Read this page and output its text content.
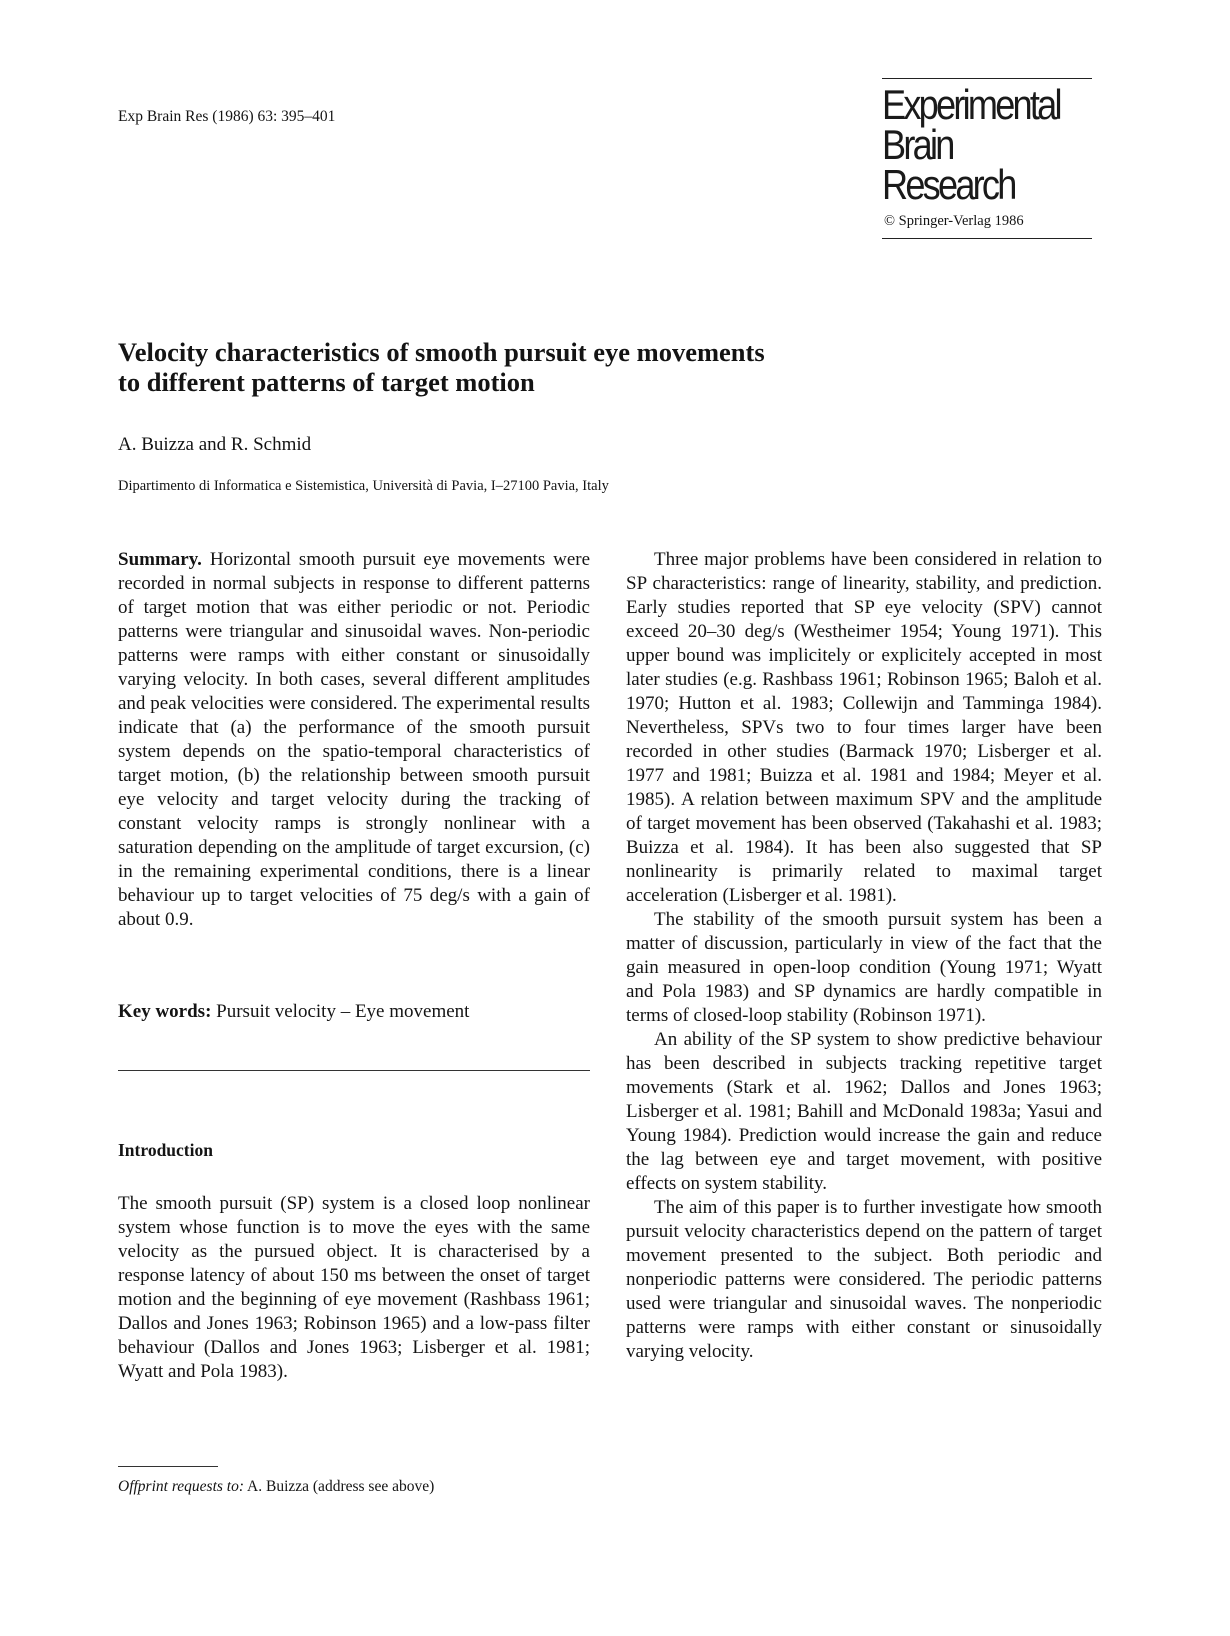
Exp Brain Res (1986) 63: 395–401	Experimental
Brain Research
© Springer-Verlag 1986
Velocity characteristics of smooth pursuit eye movements
to different patterns of target motion
A. Buizza and R. Schmid
Dipartimento di Informatica e Sistemistica, Università di Pavia, I–27100 Pavia, Italy

Summary. Horizontal smooth pursuit eye movements were recorded in normal subjects in response to different patterns of target motion that was either periodic or not. Periodic patterns were triangular and sinusoidal waves. Non-periodic patterns were ramps with either constant or sinusoidally varying velocity. In both cases, several different amplitudes and peak velocities were considered. The experimental results indicate that (a) the performance of the smooth pursuit system depends on the spatio-temporal characteristics of target motion, (b) the relationship between smooth pursuit eye velocity and target velocity during the tracking of constant velocity ramps is strongly nonlinear with a saturation depending on the amplitude of target excursion, (c) in the remaining experimental conditions, there is a linear behaviour up to target velocities of 75 deg/s with a gain of about 0.9.

Key words: Pursuit velocity – Eye movement

Introduction

The smooth pursuit (SP) system is a closed loop nonlinear system whose function is to move the eyes with the same velocity as the pursued object. It is characterised by a response latency of about 150 ms between the onset of target motion and the beginning of eye movement (Rashbass 1961; Dallos and Jones 1963; Robinson 1965) and a low-pass filter behaviour (Dallos and Jones 1963; Lisberger et al. 1981; Wyatt and Pola 1983).

Offprint requests to: A. Buizza (address see above)

Three major problems have been considered in relation to SP characteristics: range of linearity, stability, and prediction. Early studies reported that SP eye velocity (SPV) cannot exceed 20–30 deg/s (Westheimer 1954; Young 1971). This upper bound was implicitely or explicitely accepted in most later studies (e.g. Rashbass 1961; Robinson 1965; Baloh et al. 1970; Hutton et al. 1983; Collewijn and Tamminga 1984). Nevertheless, SPVs two to four times larger have been recorded in other studies (Barmack 1970; Lisberger et al. 1977 and 1981; Buizza et al. 1981 and 1984; Meyer et al. 1985). A relation between maximum SPV and the amplitude of target movement has been observed (Takahashi et al. 1983; Buizza et al. 1984). It has been also suggested that SP nonlinearity is primarily related to maximal target acceleration (Lisberger et al. 1981).

The stability of the smooth pursuit system has been a matter of discussion, particularly in view of the fact that the gain measured in open-loop condition (Young 1971; Wyatt and Pola 1983) and SP dynamics are hardly compatible in terms of closed-loop stability (Robinson 1971).

An ability of the SP system to show predictive behaviour has been described in subjects tracking repetitive target movements (Stark et al. 1962; Dallos and Jones 1963; Lisberger et al. 1981; Bahill and McDonald 1983a; Yasui and Young 1984). Prediction would increase the gain and reduce the lag between eye and target movement, with positive effects on system stability.

The aim of this paper is to further investigate how smooth pursuit velocity characteristics depend on the pattern of target movement presented to the subject. Both periodic and nonperiodic patterns were considered. The periodic patterns used were triangular and sinusoidal waves. The nonperiodic patterns were ramps with either constant or sinusoidally varying velocity.
